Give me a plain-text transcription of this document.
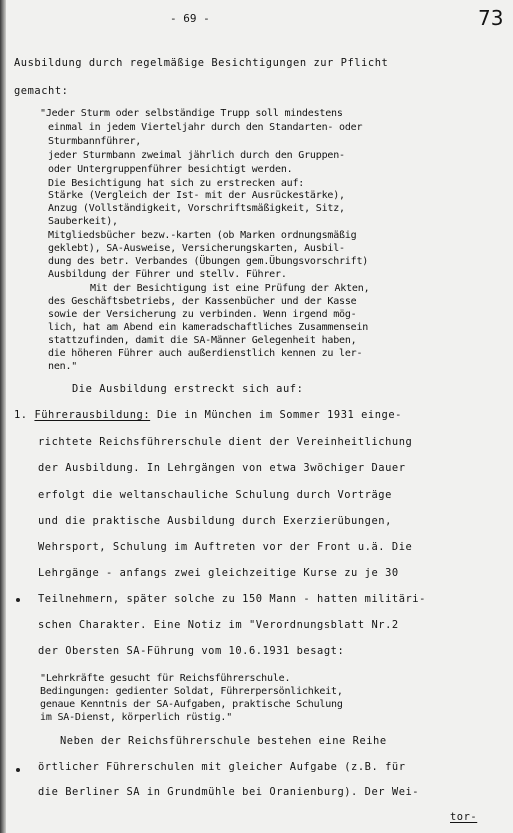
- 69 -	73
Ausbildung durch regelmäßige Besichtigungen zur Pflicht
gemacht:
"Jeder Sturm oder selbständige Trupp soll mindestens
einmal in jedem Vierteljahr durch den Standarten- oder
Sturmbannführer,
jeder Sturmbann zweimal jährlich durch den Gruppen-
oder Untergruppenführer besichtigt werden.
Die Besichtigung hat sich zu erstrecken auf:
Stärke (Vergleich der Ist- mit der Ausrückestärke),
Anzug (Vollständigkeit, Vorschriftsmäßigkeit, Sitz,
Sauberkeit),
Mitgliedsbücher bezw.-karten (ob Marken ordnungsmäßig
geklebt), SA-Ausweise, Versicherungskarten, Ausbil-
dung des betr. Verbandes (Übungen gem.Übungsvorschrift)
Ausbildung der Führer und stellv. Führer.
Mit der Besichtigung ist eine Prüfung der Akten,
des Geschäftsbetriebs, der Kassenbücher und der Kasse
sowie der Versicherung zu verbinden. Wenn irgend mög-
lich, hat am Abend ein kameradschaftliches Zusammensein
stattzufinden, damit die SA-Männer Gelegenheit haben,
die höheren Führer auch außerdienstlich kennen zu ler-
nen."
Die Ausbildung erstreckt sich auf:
1. Führerausbildung: Die in München im Sommer 1931 einge-
richtete Reichsführerschule dient der Vereinheitlichung
der Ausbildung. In Lehrgängen von etwa 3wöchiger Dauer
erfolgt die weltanschauliche Schulung durch Vorträge
und die praktische Ausbildung durch Exerzierübungen,
Wehrsport, Schulung im Auftreten vor der Front u.ä. Die
Lehrgänge - anfangs zwei gleichzeitige Kurse zu je 30
Teilnehmern, später solche zu 150 Mann - hatten militäri-
schen Charakter. Eine Notiz im "Verordnungsblatt Nr.2
der Obersten SA-Führung vom 10.6.1931 besagt:
"Lehrkräfte gesucht für Reichsführerschule.
Bedingungen: gedienter Soldat, Führerpersönlichkeit,
genaue Kenntnis der SA-Aufgaben, praktische Schulung
im SA-Dienst, körperlich rüstig."
Neben der Reichsführerschule bestehen eine Reihe
örtlicher Führerschulen mit gleicher Aufgabe (z.B. für
die Berliner SA in Grundmühle bei Oranienburg). Der Wei-
tor-
